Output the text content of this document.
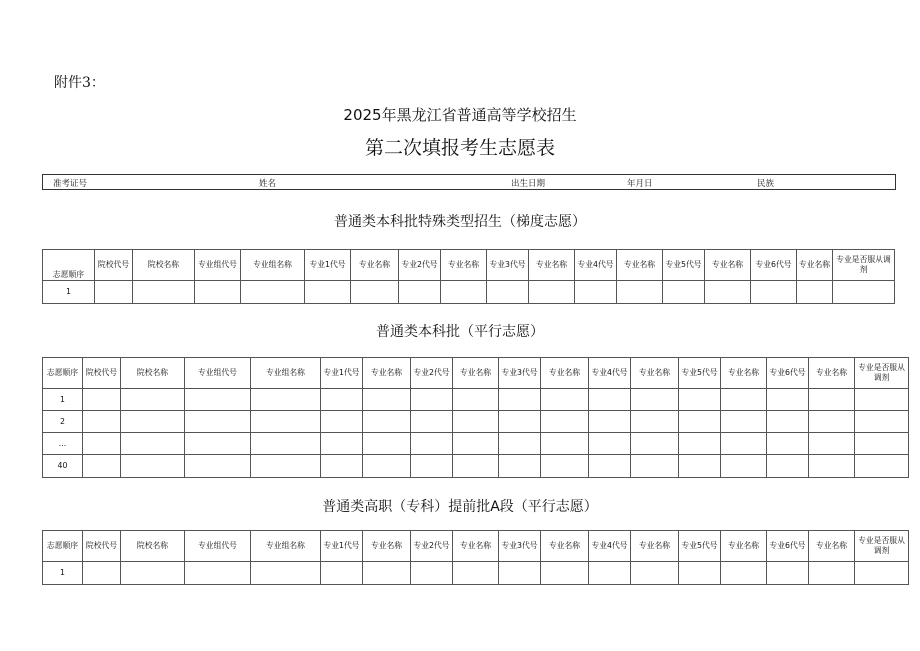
附件3：
2025年黑龙江省普通高等学校招生
第二次填报考生志愿表
准考证号	姓名	出生日期	年月日	民族
普通类本科批特殊类型招生（梯度志愿）
志愿顺序	院校代号	院校名称	专业组代号	专业组名称	专业1代号	专业名称	专业2代号	专业名称	专业3代号	专业名称	专业4代号	专业名称	专业5代号	专业名称	专业6代号	专业名称	专业是否服从调剂
1																	
普通类本科批（平行志愿）
志愿顺序	院校代号	院校名称	专业组代号	专业组名称	专业1代号	专业名称	专业2代号	专业名称	专业3代号	专业名称	专业4代号	专业名称	专业5代号	专业名称	专业6代号	专业名称	专业是否服从调剂
1																	
2																	
...																	
40																	
普通类高职（专科）提前批A段（平行志愿）
志愿顺序	院校代号	院校名称	专业组代号	专业组名称	专业1代号	专业名称	专业2代号	专业名称	专业3代号	专业名称	专业4代号	专业名称	专业5代号	专业名称	专业6代号	专业名称	专业是否服从调剂
1																	
